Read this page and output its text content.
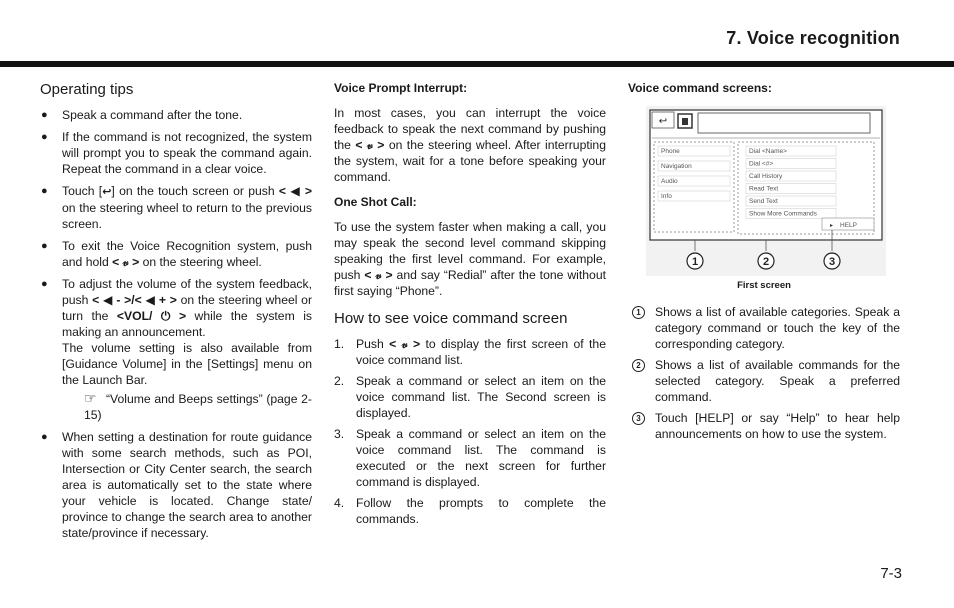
7. Voice recognition
Operating tips
● Speak a command after the tone.
● If the command is not recognized, the system will prompt you to speak the command again. Repeat the command in a clear voice.
● Touch [↩] on the touch screen or push < ◀ > on the steering wheel to return to the previous screen.
● To exit the Voice Recognition system, push and hold < 𝓋 > on the steering wheel.
● To adjust the volume of the system feedback, push < ◀ - >/< ◀ + > on the steering wheel or turn the <VOL/ ⏻ > while the system is making an announcement.

The volume setting is also available from [Guidance Volume] in the [Settings] menu on the Launch Bar.

☞ “Volume and Beeps settings” (page 2-15)
● When setting a destination for route guidance with some search methods, such as POI, Intersection or City Center search, the search area is automatically set to the state where your vehicle is located. Change state/ province to change the search area to another state/province if necessary.
Voice Prompt Interrupt:

In most cases, you can interrupt the voice feedback to speak the next command by pushing the < 𝓋 > on the steering wheel. After interrupting the system, wait for a tone before speaking your command.

One Shot Call:

To use the system faster when making a call, you may speak the second level command skipping speaking the first level command. For example, push < 𝓋 > and say “Redial” after the tone without first saying “Phone”.

How to see voice command screen
1. Push < 𝓋 > to display the first screen of the voice command list.
2. Speak a command or select an item on the voice command list. The Second screen is displayed.
3. Speak a command or select an item on the voice command list. The command is executed or the next screen for further command is displayed.
4. Follow the prompts to complete the commands.
Voice command screens:
↩
Phone
Navigation
Audio
Info
Dial <Name>
Dial <#>
Call History
Read Text
Send Text
Show More Commands
HELP
▸
1	2	3
First screen
1	Shows a list of available categories. Speak a category command or touch the key of the corresponding category.
2	Shows a list of available commands for the selected category. Speak a preferred command.
3	Touch [HELP] or say “Help” to hear help announcements on how to use the system.
7-3
